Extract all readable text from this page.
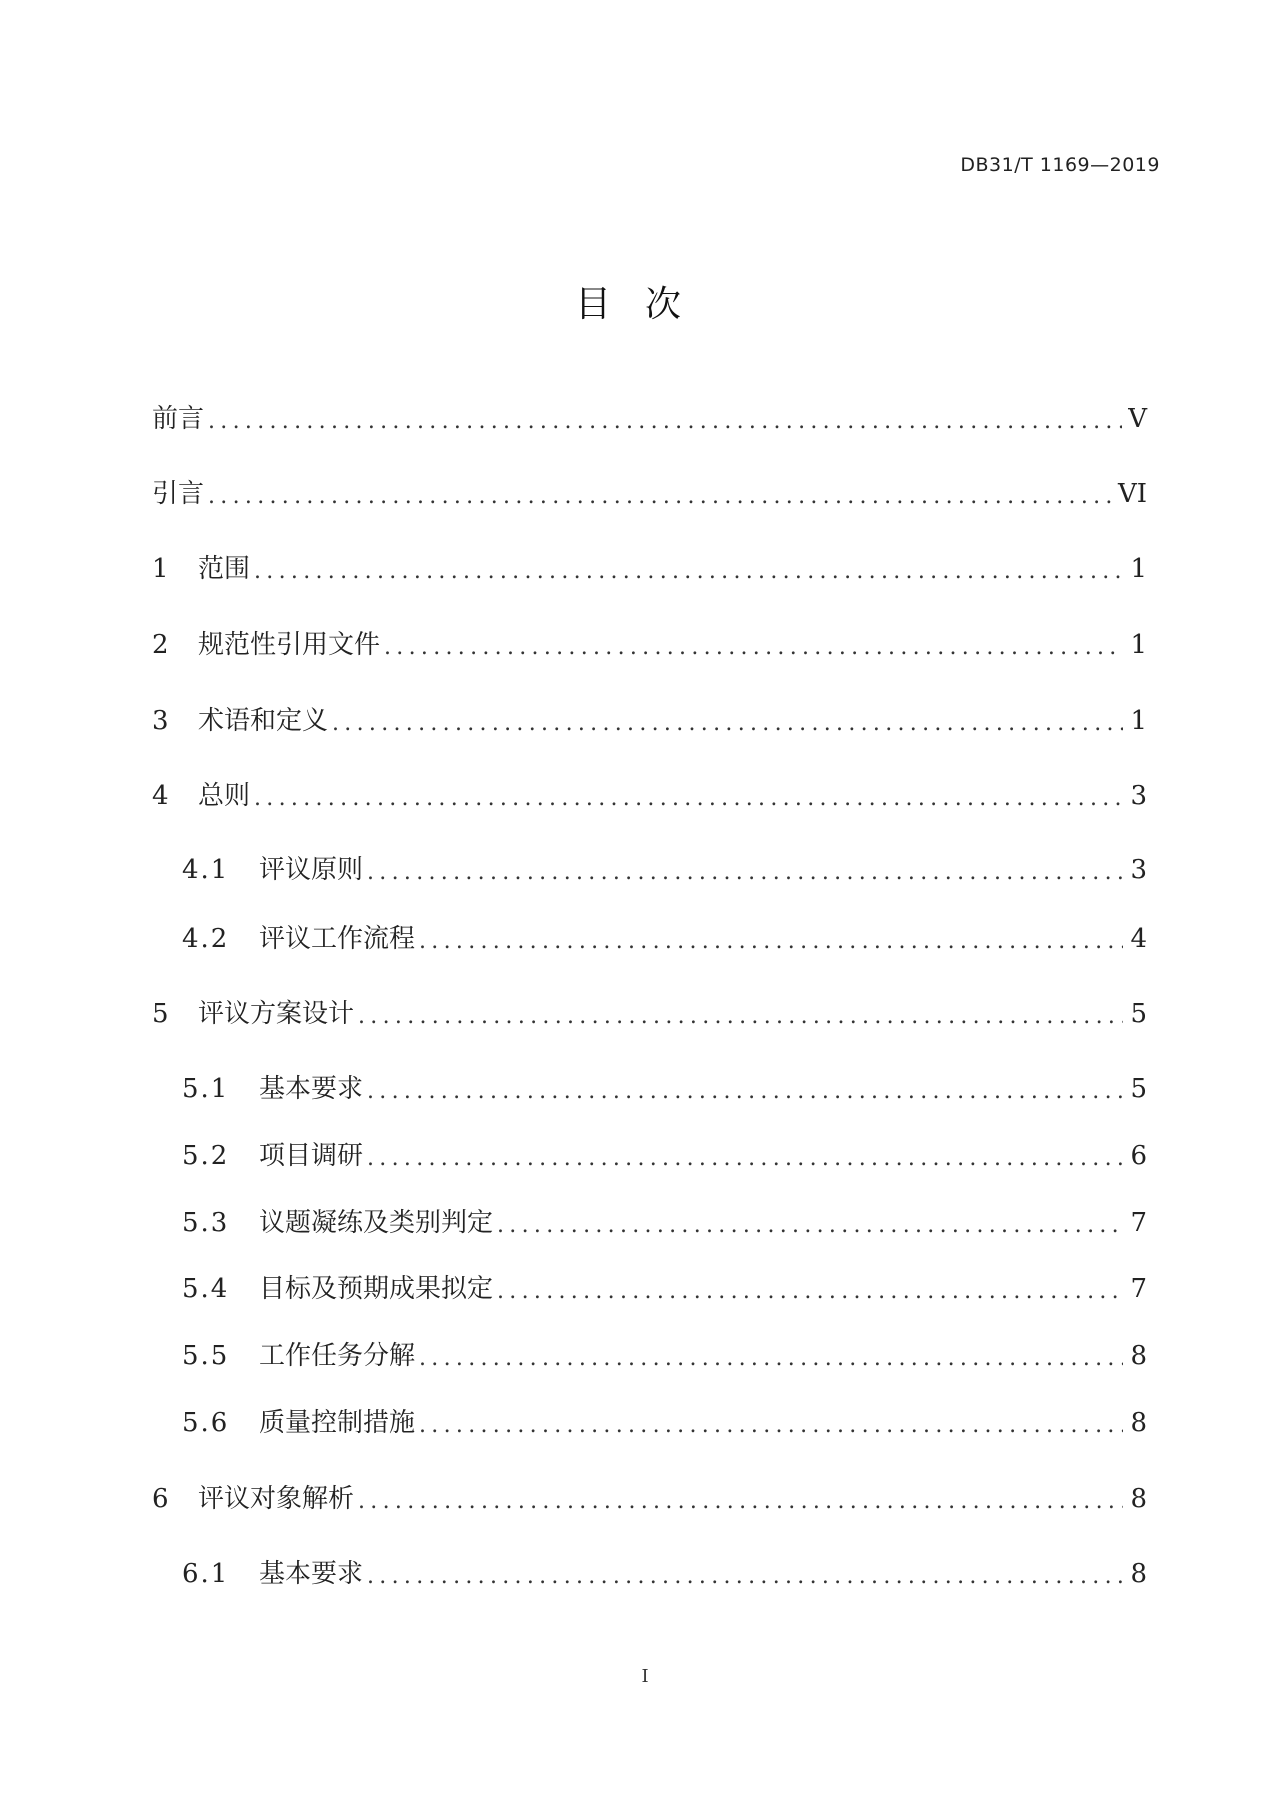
DB31/T 1169—2019
目次
前言 .....	V
引言 .....	VI
1	范围 .....	1
2	规范性引用文件 .....	1
3	术语和定义 .....	1
4	总则 .....	3
4.1	评议原则 .....	3
4.2	评议工作流程 .....	4
5	评议方案设计 .....	5
5.1	基本要求 .....	5
5.2	项目调研 .....	6
5.3	议题凝练及类别判定 .....	7
5.4	目标及预期成果拟定 .....	7
5.5	工作任务分解 .....	8
5.6	质量控制措施 .....	8
6	评议对象解析 .....	8
6.1	基本要求 .....	8
I
